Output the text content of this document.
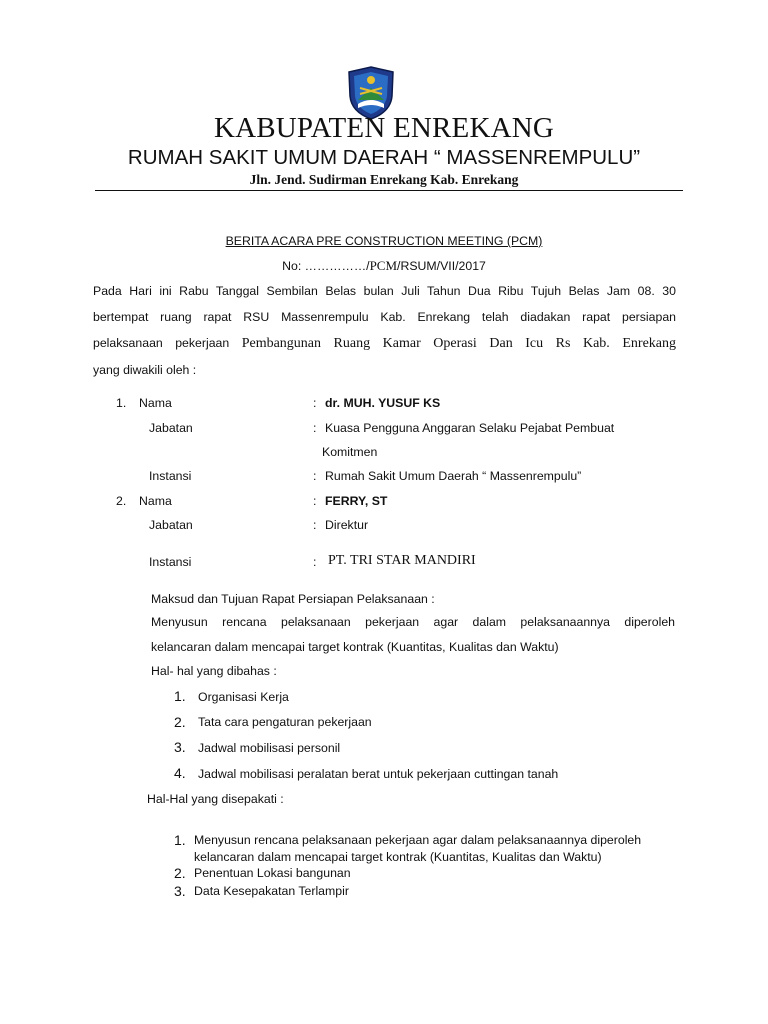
KABUPATEN ENREKANG
RUMAH SAKIT UMUM DAERAH “ MASSENREMPULU”
Jln. Jend. Sudirman Enrekang Kab. Enrekang
BERITA ACARA PRE CONSTRUCTION MEETING (PCM)
No: ……………/PCM/RSUM/VII/2017
Pada Hari ini Rabu Tanggal Sembilan Belas bulan Juli Tahun Dua Ribu Tujuh Belas Jam 08. 30
bertempat ruang rapat RSU Massenrempulu Kab. Enrekang telah diadakan rapat persiapan
pelaksanaan pekerjaan Pembangunan Ruang Kamar Operasi Dan Icu Rs Kab. Enrekang
yang diwakili oleh :
1. Nama	: dr. MUH. YUSUF KS
Jabatan	: Kuasa Pengguna Anggaran Selaku Pejabat Pembuat
Komitmen
Instansi	: Rumah Sakit Umum Daerah “ Massenrempulu”
2. Nama	: FERRY, ST
Jabatan	: Direktur
Instansi	: PT. TRI STAR MANDIRI
Maksud dan Tujuan Rapat Persiapan Pelaksanaan :
Menyusun rencana pelaksanaan pekerjaan agar dalam pelaksanaannya diperoleh
kelancaran dalam mencapai target kontrak (Kuantitas, Kualitas dan Waktu)
Hal- hal yang dibahas :
1. Organisasi Kerja
2. Tata cara pengaturan pekerjaan
3. Jadwal mobilisasi personil
4. Jadwal mobilisasi peralatan berat untuk pekerjaan cuttingan tanah
Hal-Hal yang disepakati :
1. Menyusun rencana pelaksanaan pekerjaan agar dalam pelaksanaannya diperoleh
kelancaran dalam mencapai target kontrak (Kuantitas, Kualitas dan Waktu)
2. Penentuan Lokasi bangunan
3. Data Kesepakatan Terlampir
